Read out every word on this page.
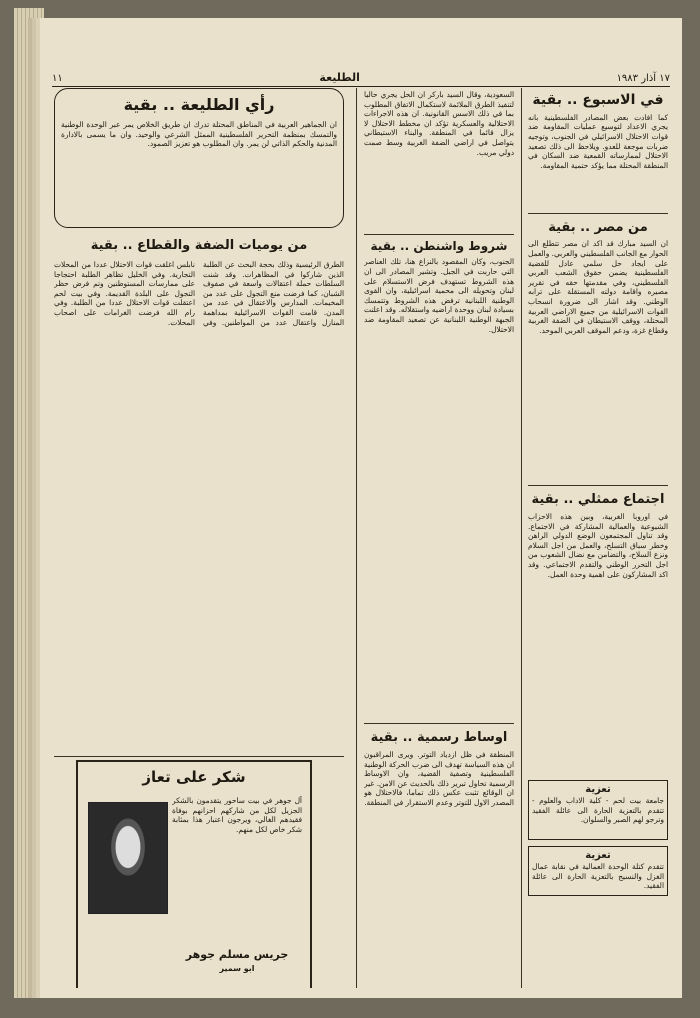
١٧ آذار ١٩٨٣
الطليعة
١١
في الاسبوع .. بقية
كما افادت بعض المصادر الفلسطينية بانه يجري الاعداد لتوسيع عمليات المقاومة ضد قوات الاحتلال الاسرائيلي في الجنوب، وتوجيه ضربات موجعة للعدو. ويلاحظ الى ذلك تصعيد الاحتلال لممارساته القمعية ضد السكان في المنطقة المحتلة مما يؤكد حتمية المقاومة.
من مصر .. بقية
ان السيد مبارك قد اكد ان مصر تتطلع الى الحوار مع الجانب الفلسطيني والعربي. والعمل على ايجاد حل سلمي عادل للقضية الفلسطينية يضمن حقوق الشعب العربي الفلسطيني، وفي مقدمتها حقه في تقرير مصيره واقامة دولته المستقلة على ترابه الوطني. وقد اشار الى ضرورة انسحاب القوات الاسرائيلية من جميع الاراضي العربية المحتلة، ووقف الاستيطان في الضفة الغربية وقطاع غزة، ودعم الموقف العربي الموحد.
اجتماع ممثلي .. بقية
في اوروبا الغربية، وبين هذه الاحزاب الشيوعية والعمالية المشاركة في الاجتماع. وقد تناول المجتمعون الوضع الدولي الراهن وخطر سباق التسلح، والعمل من اجل السلام ونزع السلاح، والتضامن مع نضال الشعوب من اجل التحرر الوطني والتقدم الاجتماعي. وقد اكد المشاركون على اهمية وحدة العمل.
تعزية
جامعة بيت لحم - كلية الاداب والعلوم - تتقدم بالتعزية الحارة الى عائلة الفقيد وترجو لهم الصبر والسلوان.
تعزية
تتقدم كتلة الوحدة العمالية في نقابة عمال الغزل والنسيج بالتعزية الحارة الى عائلة الفقيد.
السعودية، وقال السيد باركر ان الحل يجري حاليا لتنفيذ الطرق الملائمة لاستكمال الاتفاق المطلوب بما في ذلك الاسس القانونية. ان هذه الاجراءات الاحتلالية والعسكرية تؤكد ان مخطط الاحتلال لا يزال قائما في المنطقة. والبناء الاستيطاني يتواصل في اراضي الضفة الغربية وسط صمت دولي مريب.
شروط واشنطن .. بقية
الجنوب، وكان المقصود بالنزاع هنا، تلك العناصر التي حاربت في الجبل. وتشير المصادر الى ان هذه الشروط تستهدف فرض الاستسلام على لبنان وتحويله الى محمية اسرائيلية، وان القوى الوطنية اللبنانية ترفض هذه الشروط وتتمسك بسيادة لبنان ووحدة اراضيه واستقلاله. وقد اعلنت الجبهة الوطنية اللبنانية عن تصعيد المقاومة ضد الاحتلال.
اوساط رسمية .. بقية
المنطقة في ظل ازدياد التوتر. ويرى المراقبون ان هذه السياسة تهدف الى ضرب الحركة الوطنية الفلسطينية وتصفية القضية، وان الاوساط الرسمية تحاول تبرير ذلك بالحديث عن الامن. غير ان الوقائع تثبت عكس ذلك تماما، فالاحتلال هو المصدر الاول للتوتر وعدم الاستقرار في المنطقة.
رأي الطليعة .. بقية
ان الجماهير العربية في المناطق المحتلة تدرك ان طريق الخلاص يمر عبر الوحدة الوطنية والتمسك بمنظمة التحرير الفلسطينية الممثل الشرعي والوحيد. وان ما يسمى بالادارة المدنية والحكم الذاتي لن يمر. وان المطلوب هو تعزيز الصمود.
من يوميات الضفة والقطاع .. بقية
الطرق الرئيسية وذلك بحجة البحث عن الطلبة الذين شاركوا في المظاهرات. وقد شنت السلطات حملة اعتقالات واسعة في صفوف الشبان، كما فرضت منع التجول على عدد من المخيمات. المدارس والاعتقال في عدد من المدن. قامت القوات الاسرائيلية بمداهمة المنازل واعتقال عدد من المواطنين. وفي نابلس اغلقت قوات الاحتلال عددا من المحلات التجارية. وفي الخليل تظاهر الطلبة احتجاجا على ممارسات المستوطنين وتم فرض حظر التجول على البلدة القديمة. وفي بيت لحم اعتقلت قوات الاحتلال عددا من الطلبة. وفي رام الله فرضت الغرامات على اصحاب المحلات.
شكر على تعاز
آل جوهر في بيت ساحور يتقدمون بالشكر الجزيل لكل من شاركهم احزانهم بوفاة فقيدهم الغالي، ويرجون اعتبار هذا بمثابة شكر خاص لكل منهم.
جريس مسلم جوهر
ابو سمير
